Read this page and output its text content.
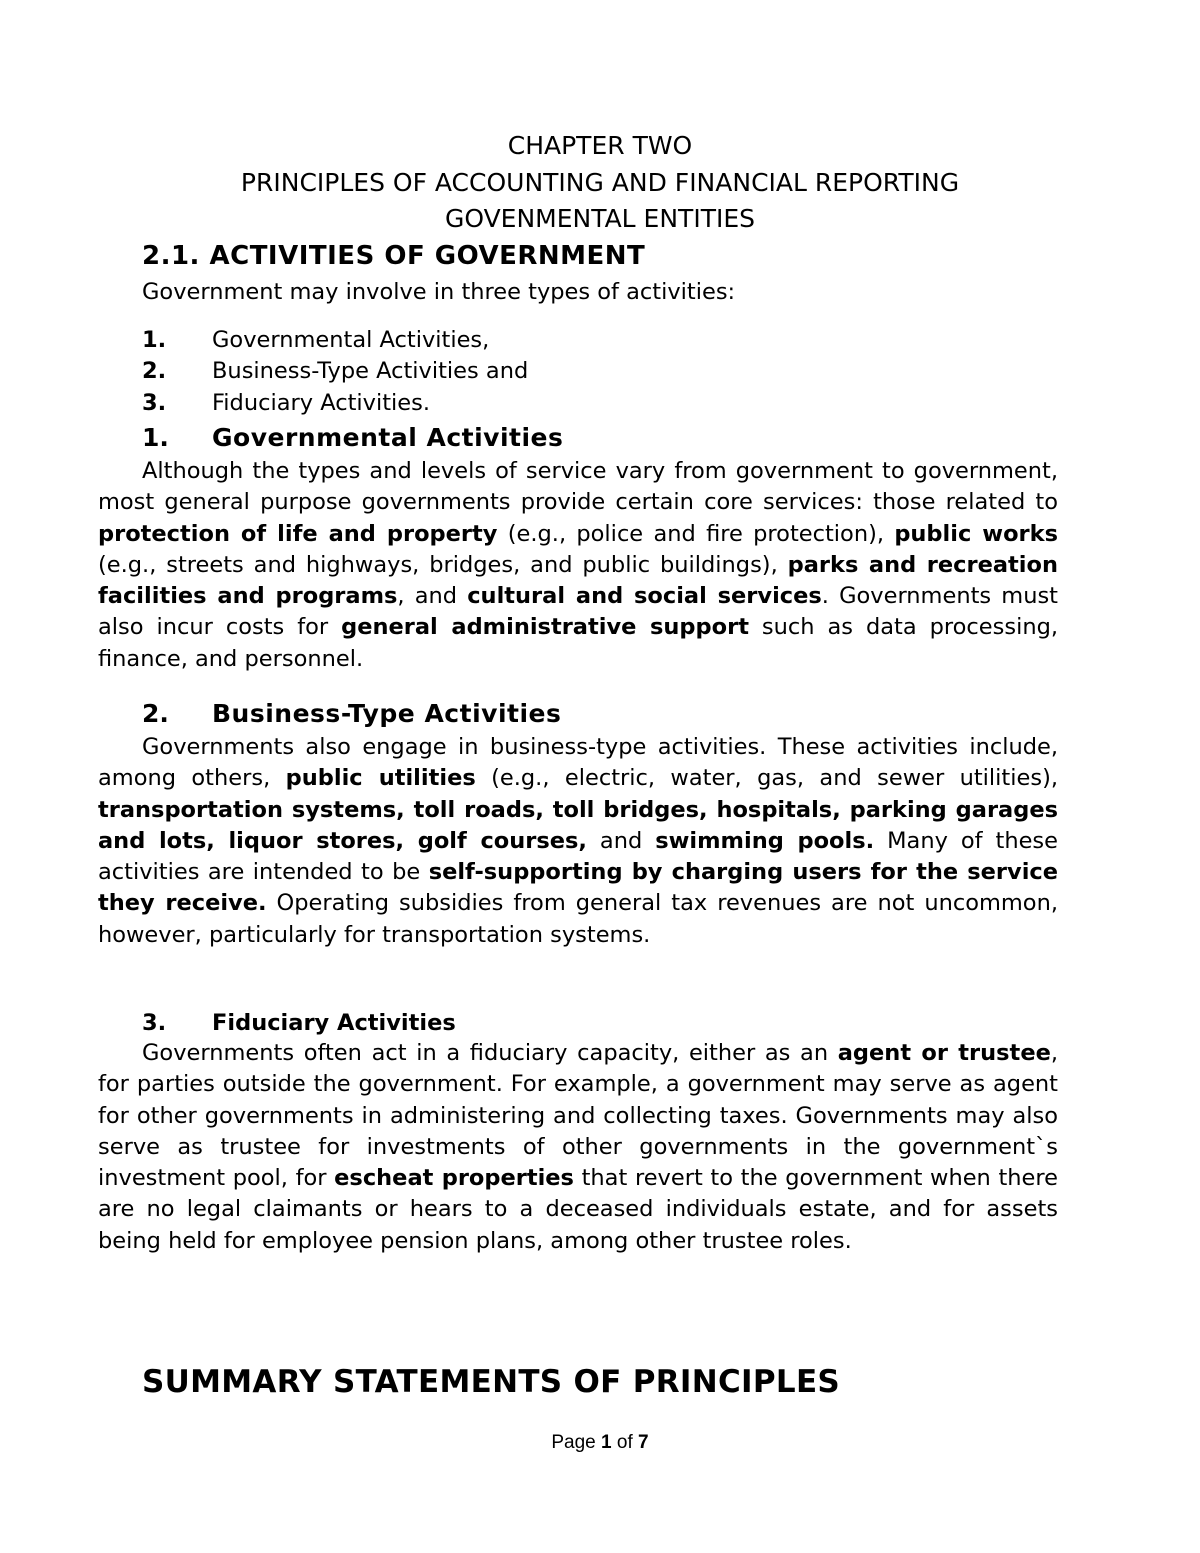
CHAPTER TWO
PRINCIPLES OF ACCOUNTING AND FINANCIAL REPORTING
GOVENMENTAL ENTITIES
2.1. ACTIVITIES OF GOVERNMENT
Government may involve in three types of activities:
1. Governmental Activities,
2. Business-Type Activities and
3. Fiduciary Activities.
1. Governmental Activities

Although the types and levels of service vary from government to government, most general purpose governments provide certain core services: those related to protection of life and property (e.g., police and fire protection), public works (e.g., streets and highways, bridges, and public buildings), parks and recreation facilities and programs, and cultural and social services. Governments must also incur costs for general administrative support such as data processing, finance, and personnel.

2. Business-Type Activities

Governments also engage in business-type activities. These activities include, among others, public utilities (e.g., electric, water, gas, and sewer utilities), transportation systems, toll roads, toll bridges, hospitals, parking garages and lots, liquor stores, golf courses, and swimming pools. Many of these activities are intended to be self-supporting by charging users for the service they receive. Operating subsidies from general tax revenues are not uncommon, however, particularly for transportation systems.

3. Fiduciary Activities

Governments often act in a fiduciary capacity, either as an agent or trustee, for parties outside the government. For example, a government may serve as agent for other governments in administering and collecting taxes. Governments may also serve as trustee for investments of other governments in the government`s investment pool, for escheat properties that revert to the government when there are no legal claimants or hears to a deceased individuals estate, and for assets being held for employee pension plans, among other trustee roles.

SUMMARY STATEMENTS OF PRINCIPLES
Page 1 of 7
